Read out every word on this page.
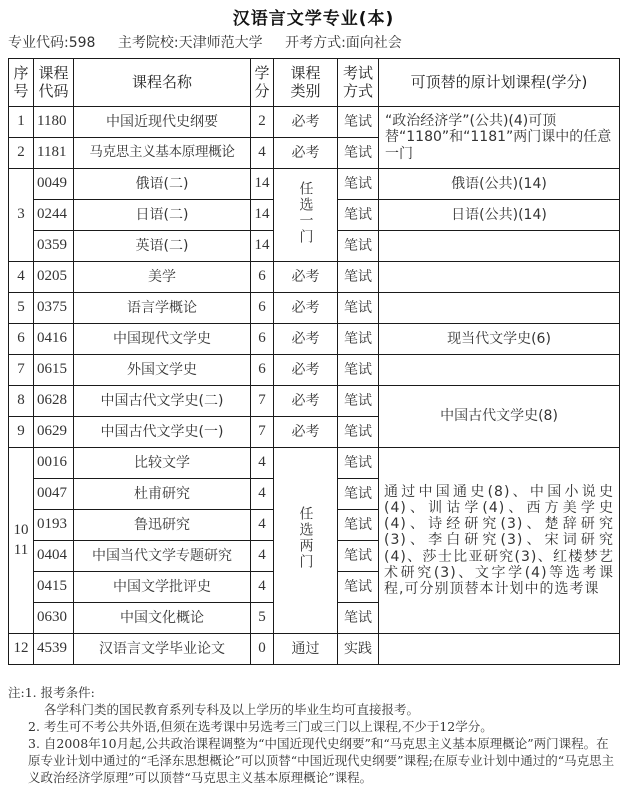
汉语言文学专业(本)
专业代码:598 主考院校:天津师范大学 开考方式:面向社会
序号	课程代码	课程名称	学分	课程类别	考试方式	可顶替的原计划课程(学分)
1	1180	中国近现代史纲要	2	必考	笔试	“政治经济学”(公共)(4)可顶替“1180”和“1181”两门课中的任意一门
2	1181	马克思主义基本原理概论	4	必考	笔试	
3	0049	俄语(二)	14	任选一门	笔试	俄语(公共)(14)
	0244	日语(二)	14		笔试	日语(公共)(14)
	0359	英语(二)	14		笔试	
4	0205	美学	6	必考	笔试	
5	0375	语言学概论	6	必考	笔试	
6	0416	中国现代文学史	6	必考	笔试	现当代文学史(6)
7	0615	外国文学史	6	必考	笔试	
8	0628	中国古代文学史(二)	7	必考	笔试	中国古代文学史(8)
9	0629	中国古代文学史(一)	7	必考	笔试	
10 11	0016	比较文学	4	任选两门	笔试	通过中国通史(8)、中国小说史(4)、训诂学(4)、西方美学史(4)、诗经研究(3)、楚辞研究(3)、李白研究(3)、宋词研究(4)、莎士比亚研究(3)、红楼梦艺术研究(3)、文字学(4)等选考课程,可分别顶替本计划中的选考课
	0047	杜甫研究	4		笔试	
	0193	鲁迅研究	4		笔试	
	0404	中国当代文学专题研究	4		笔试	
	0415	中国文学批评史	4		笔试	
	0630	中国文化概论	5		笔试	
12	4539	汉语言文学毕业论文	0	通过	实践	
注:1. 报考条件:
各学科门类的国民教育系列专科及以上学历的毕业生均可直接报考。
2. 考生可不考公共外语,但须在选考课中另选考三门或三门以上课程,不少于12学分。
3. 自2008年10月起,公共政治课程调整为“中国近现代史纲要”和“马克思主义基本原理概论”两门课程。在原专业计划中通过的“毛泽东思想概论”可以顶替“中国近现代史纲要”课程;在原专业计划中通过的“马克思主义政治经济学原理”可以顶替“马克思主义基本原理概论”课程。
